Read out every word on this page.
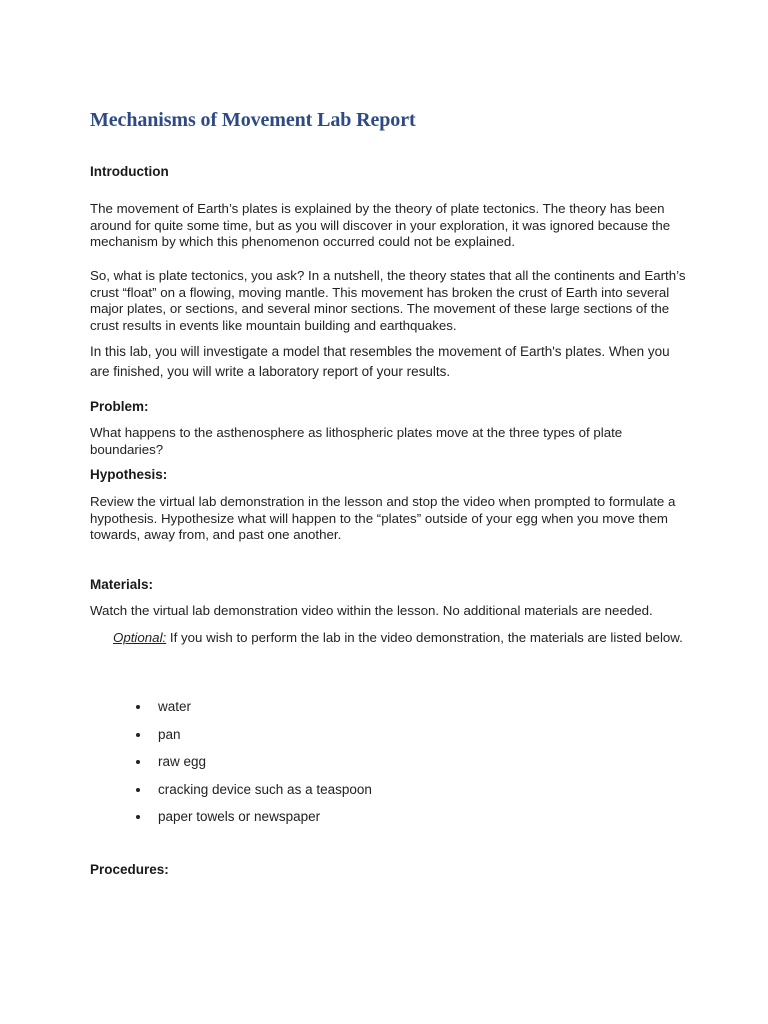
Mechanisms of Movement Lab Report
Introduction

The movement of Earth’s plates is explained by the theory of plate tectonics. The theory has been around for quite some time, but as you will discover in your exploration, it was ignored because the mechanism by which this phenomenon occurred could not be explained.

So, what is plate tectonics, you ask? In a nutshell, the theory states that all the continents and Earth’s crust “float” on a flowing, moving mantle. This movement has broken the crust of Earth into several major plates, or sections, and several minor sections. The movement of these large sections of the crust results in events like mountain building and earthquakes.

In this lab, you will investigate a model that resembles the movement of Earth's plates. When you are finished, you will write a laboratory report of your results.

Problem:

What happens to the asthenosphere as lithospheric plates move at the three types of plate boundaries?

Hypothesis:

Review the virtual lab demonstration in the lesson and stop the video when prompted to formulate a hypothesis. Hypothesize what will happen to the “plates” outside of your egg when you move them towards, away from, and past one another.

Materials:

Watch the virtual lab demonstration video within the lesson. No additional materials are needed.

Optional: If you wish to perform the lab in the video demonstration, the materials are listed below.

water
pan
raw egg
cracking device such as a teaspoon
paper towels or newspaper
Procedures:
